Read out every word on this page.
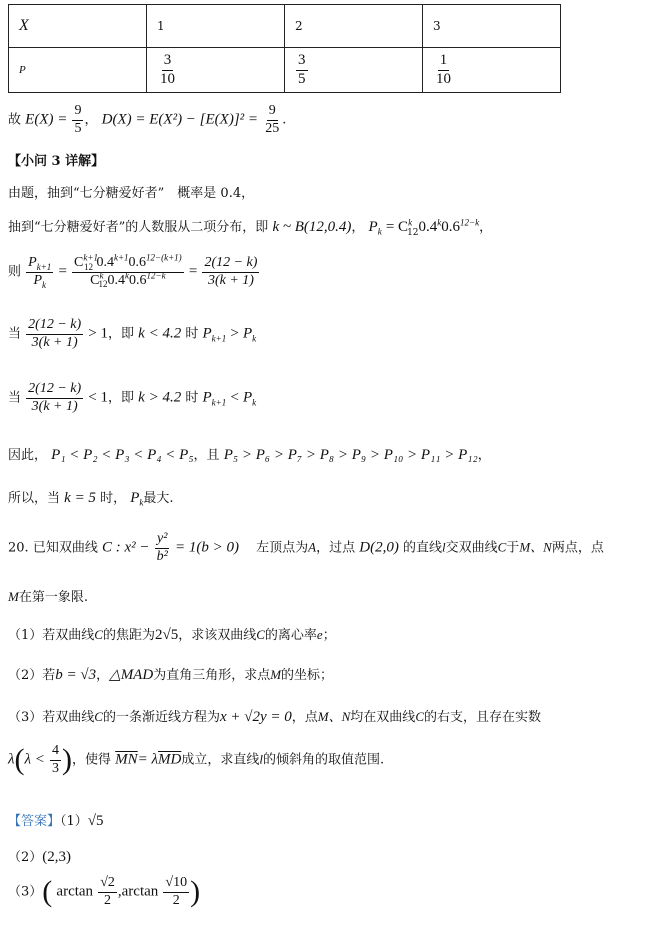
X	1	2	3
P	$\frac{3}{10}$	$\frac{3}{5}$	$\frac{1}{10}$
故 $E(X) = \frac{9}{5}$ ， $D(X) = E(X^2) - [E(X)]^2 = \frac{9}{25}$ .
【小问 3 详解】
由题，抽到“七分糖爱好者”　概率是 0.4，
抽到“七分糖爱好者”的人数服从二项分布，即 k ~ B(12,0.4)， $P_k = C^k_{12}0.4^k0.6^{12-k}$，
则 $\frac{P_{k+1}}{P_k} = \frac{C^{k+1}_{12} 0.4^{k+1}0.6^{12-(k+1)}}{C^k_{12}0.4^k0.6^{12-k}} = \frac{2(12 - k)}{3(k + 1)}$
当 $\frac{2(12 - k)}{3(k + 1)} > 1$，即 k < 4.2 时 $P_{k+1} > P_k$
当 $\frac{2(12 - k)}{3(k + 1)} < 1$，即 k > 4.2 时 $P_{k+1} < P_k$
因此， P₁ < P₂ < P₃ < P₄ < P₅，且 P₅ > P₆ > P₇ > P₈ > P₉ > P₁₀ > P₁₁ > P₁₂，
所以，当 k = 5 时， $P_k$最大.
20. 已知双曲线 C : $x^2 - \frac{\text{y²}}{\text{b²}} = 1(b > 0)$ 　左顶点为A，过点 D(2,0) 的直线l交双曲线C于M、N两点，点
M在第一象限.
（1）若双曲线C的焦距为2√5，求该双曲线C的离心率e；
（2）若b = √3，△MAD为直角三角形，求点M的坐标；
（3）若双曲线C的一条渐近线方程为x + √2y = 0，点M、N均在双曲线C的右支，且存在实数
$\lambda(\lambda < \frac{4}{3}$ )，使得 $\overline{MN}= \lambda\overline{MD}$成立，求直线l的倾斜角的取值范围.
【答案】（1）√5
（2）(2,3)
（3）( $\arctan \frac{√2}{2} ,\arctan \frac{√10}{2}$ )
